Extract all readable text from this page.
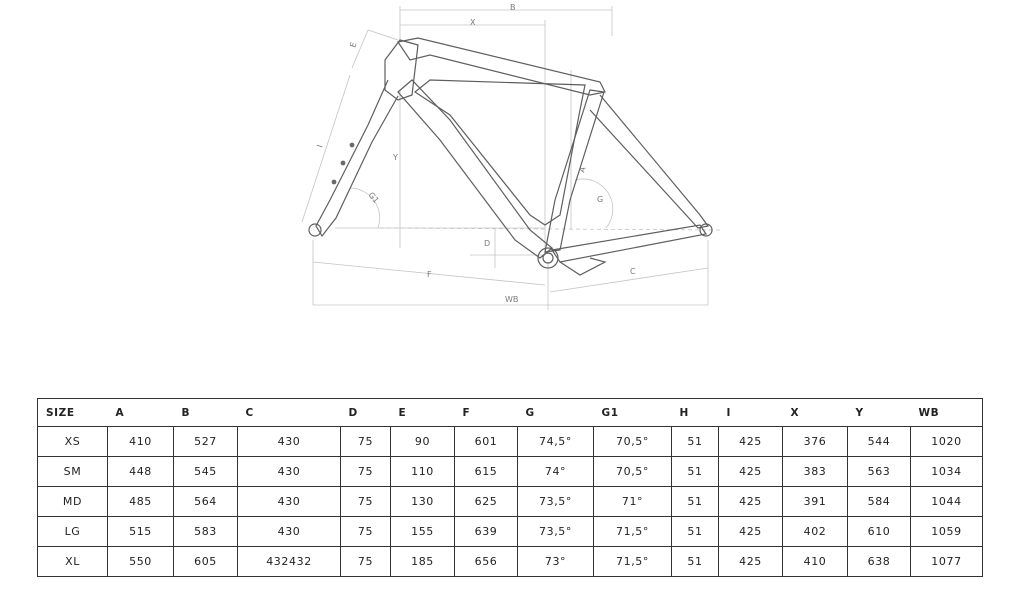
B
X
E
I
Y
G1
A
G
D
F	C
WB
SIZE	A	B	C	D	E	F	G	G1	H	I	X	Y	WB
XS	410	527	430	75	90	601	74,5°	70,5°	51	425	376	544	1020
SM	448	545	430	75	110	615	74°	70,5°	51	425	383	563	1034
MD	485	564	430	75	130	625	73,5°	71°	51	425	391	584	1044
LG	515	583	430	75	155	639	73,5°	71,5°	51	425	402	610	1059
XL	550	605	432432	75	185	656	73°	71,5°	51	425	410	638	1077
